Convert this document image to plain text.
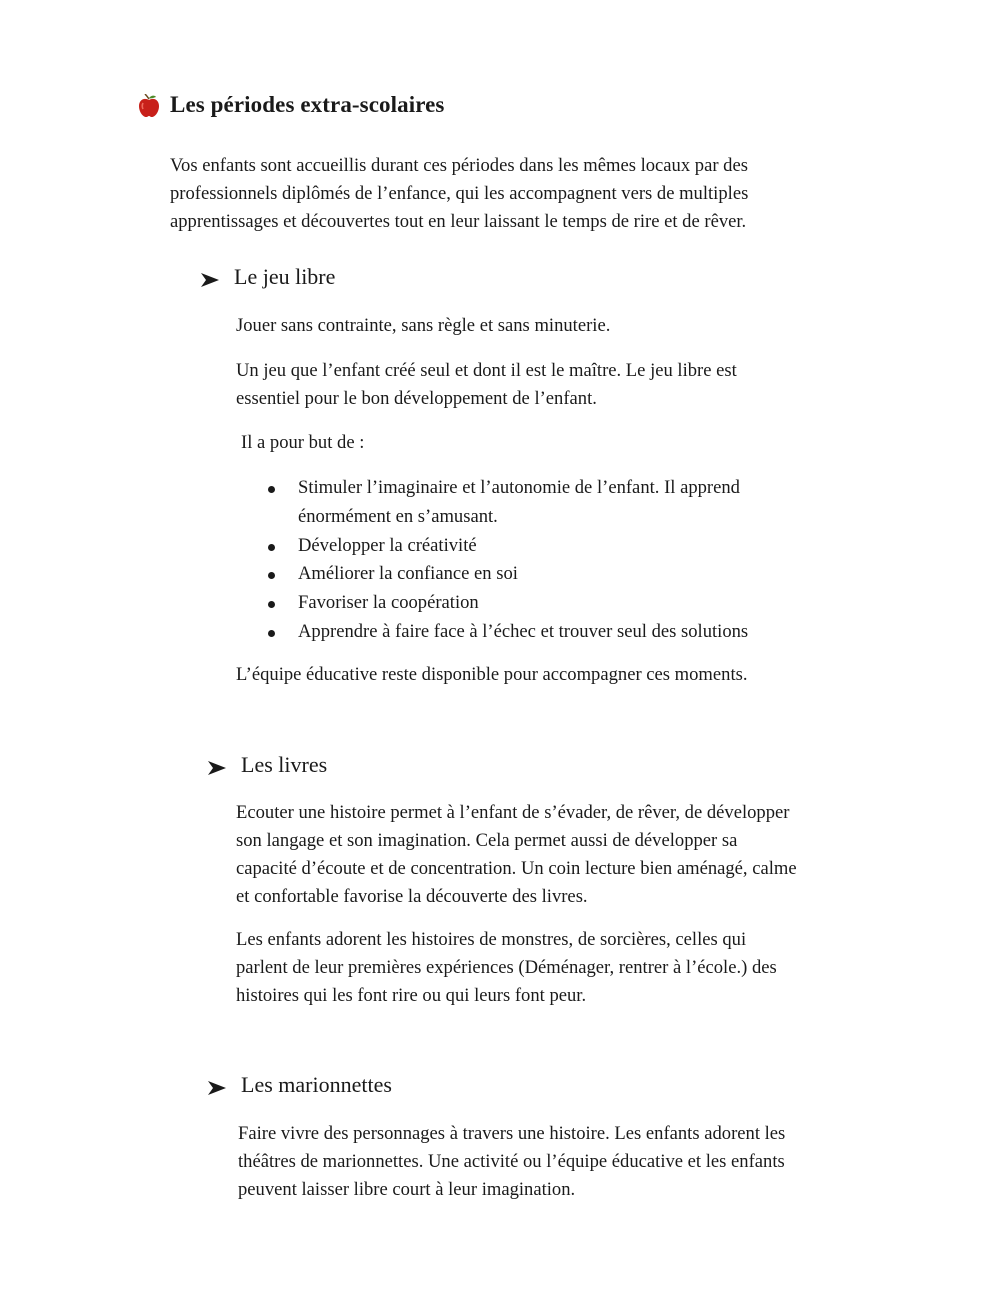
Les périodes extra-scolaires
Vos enfants sont accueillis durant ces périodes dans les mêmes locaux par des
professionnels diplômés de l’enfance, qui les accompagnent vers de multiples
apprentissages et découvertes tout en leur laissant le temps de rire et de rêver.
Le jeu libre
Jouer sans contrainte, sans règle et sans minuterie.
Un jeu que l’enfant créé seul et dont il est le maître. Le jeu libre est
essentiel pour le bon développement de l’enfant.
Il a pour but de :
Stimuler l’imaginaire et l’autonomie de l’enfant. Il apprend
énormément en s’amusant.
Développer la créativité
Améliorer la confiance en soi
Favoriser la coopération
Apprendre à faire face à l’échec et trouver seul des solutions
L’équipe éducative reste disponible pour accompagner ces moments.
Les livres
Ecouter une histoire permet à l’enfant de s’évader, de rêver, de développer
son langage et son imagination. Cela permet aussi de développer sa
capacité d’écoute et de concentration. Un coin lecture bien aménagé, calme
et confortable favorise la découverte des livres.
Les enfants adorent les histoires de monstres, de sorcières, celles qui
parlent de leur premières expériences (Déménager, rentrer à l’école.) des
histoires qui les font rire ou qui leurs font peur.
Les marionnettes
Faire vivre des personnages à travers une histoire. Les enfants adorent les
théâtres de marionnettes. Une activité ou l’équipe éducative et les enfants
peuvent laisser libre court à leur imagination.
